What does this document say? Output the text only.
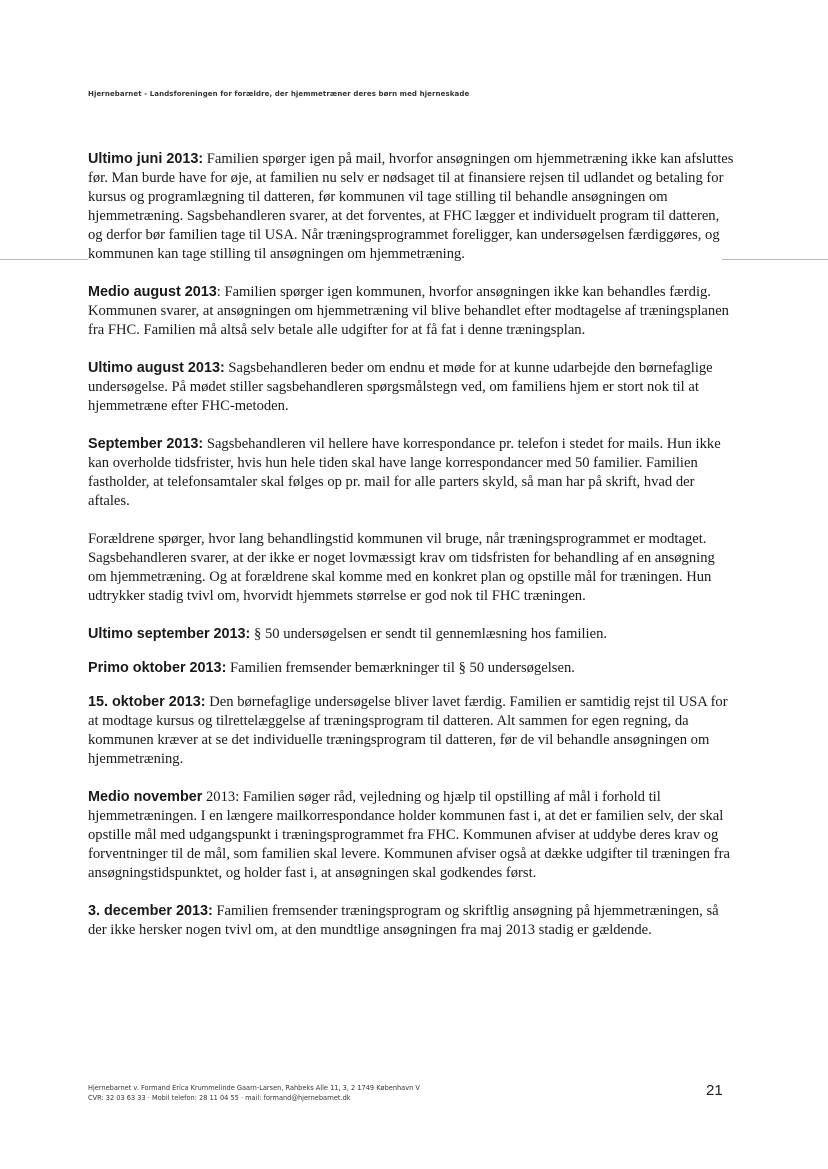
Hjernebarnet - Landsforeningen for forældre, der hjemmetræner deres børn med hjerneskade

Ultimo juni 2013: Familien spørger igen på mail, hvorfor ansøgningen om hjemmetræning ikke kan afsluttes før. Man burde have for øje, at familien nu selv er nødsaget til at finansiere rejsen til udlandet og betaling for kursus og programlægning til datteren, før kommunen vil tage stilling til behandle ansøgningen om hjemmetræning. Sagsbehandleren svarer, at det forventes, at FHC lægger et individuelt program til datteren, og derfor bør familien tage til USA. Når træningsprogrammet foreligger, kan undersøgelsen færdiggøres, og kommunen kan tage stilling til ansøgningen om hjemmetræning.

Medio august 2013: Familien spørger igen kommunen, hvorfor ansøgningen ikke kan behandles færdig. Kommunen svarer, at ansøgningen om hjemmetræning vil blive behandlet efter modtagelse af træningsplanen fra FHC. Familien må altså selv betale alle udgifter for at få fat i denne træningsplan.

Ultimo august 2013: Sagsbehandleren beder om endnu et møde for at kunne udarbejde den børnefaglige undersøgelse. På mødet stiller sagsbehandleren spørgsmålstegn ved, om familiens hjem er stort nok til at hjemmetræne efter FHC-metoden.

September 2013: Sagsbehandleren vil hellere have korrespondance pr. telefon i stedet for mails. Hun ikke kan overholde tidsfrister, hvis hun hele tiden skal have lange korrespondancer med 50 familier. Familien fastholder, at telefonsamtaler skal følges op pr. mail for alle parters skyld, så man har på skrift, hvad der aftales.

Forældrene spørger, hvor lang behandlingstid kommunen vil bruge, når træningsprogrammet er modtaget. Sagsbehandleren svarer, at der ikke er noget lovmæssigt krav om tidsfristen for behandling af en ansøgning om hjemmetræning. Og at forældrene skal komme med en konkret plan og opstille mål for træningen. Hun udtrykker stadig tvivl om, hvorvidt hjemmets størrelse er god nok til FHC træningen.

Ultimo september 2013: § 50 undersøgelsen er sendt til gennemlæsning hos familien.

Primo oktober 2013: Familien fremsender bemærkninger til § 50 undersøgelsen.

15. oktober 2013: Den børnefaglige undersøgelse bliver lavet færdig. Familien er samtidig rejst til USA for at modtage kursus og tilrettelæggelse af træningsprogram til datteren. Alt sammen for egen regning, da kommunen kræver at se det individuelle træningsprogram til datteren, før de vil behandle ansøgningen om hjemmetræning.

Medio november 2013: Familien søger råd, vejledning og hjælp til opstilling af mål i forhold til hjemmetræningen. I en længere mailkorrespondance holder kommunen fast i, at det er familien selv, der skal opstille mål med udgangspunkt i træningsprogrammet fra FHC. Kommunen afviser at uddybe deres krav og forventninger til de mål, som familien skal levere. Kommunen afviser også at dække udgifter til træningen fra ansøgningstidspunktet, og holder fast i, at ansøgningen skal godkendes først.

3. december 2013: Familien fremsender træningsprogram og skriftlig ansøgning på hjemmetræningen, så der ikke hersker nogen tvivl om, at den mundtlige ansøgningen fra maj 2013 stadig er gældende.

Hjernebarnet v. Formand Erica Krummelinde Gaarn-Larsen, Rahbeks Alle 11, 3, 2 1749 København V
CVR: 32 03 63 33 · Mobil telefon: 28 11 04 55 · mail: formand@hjernebarnet.dk	21
